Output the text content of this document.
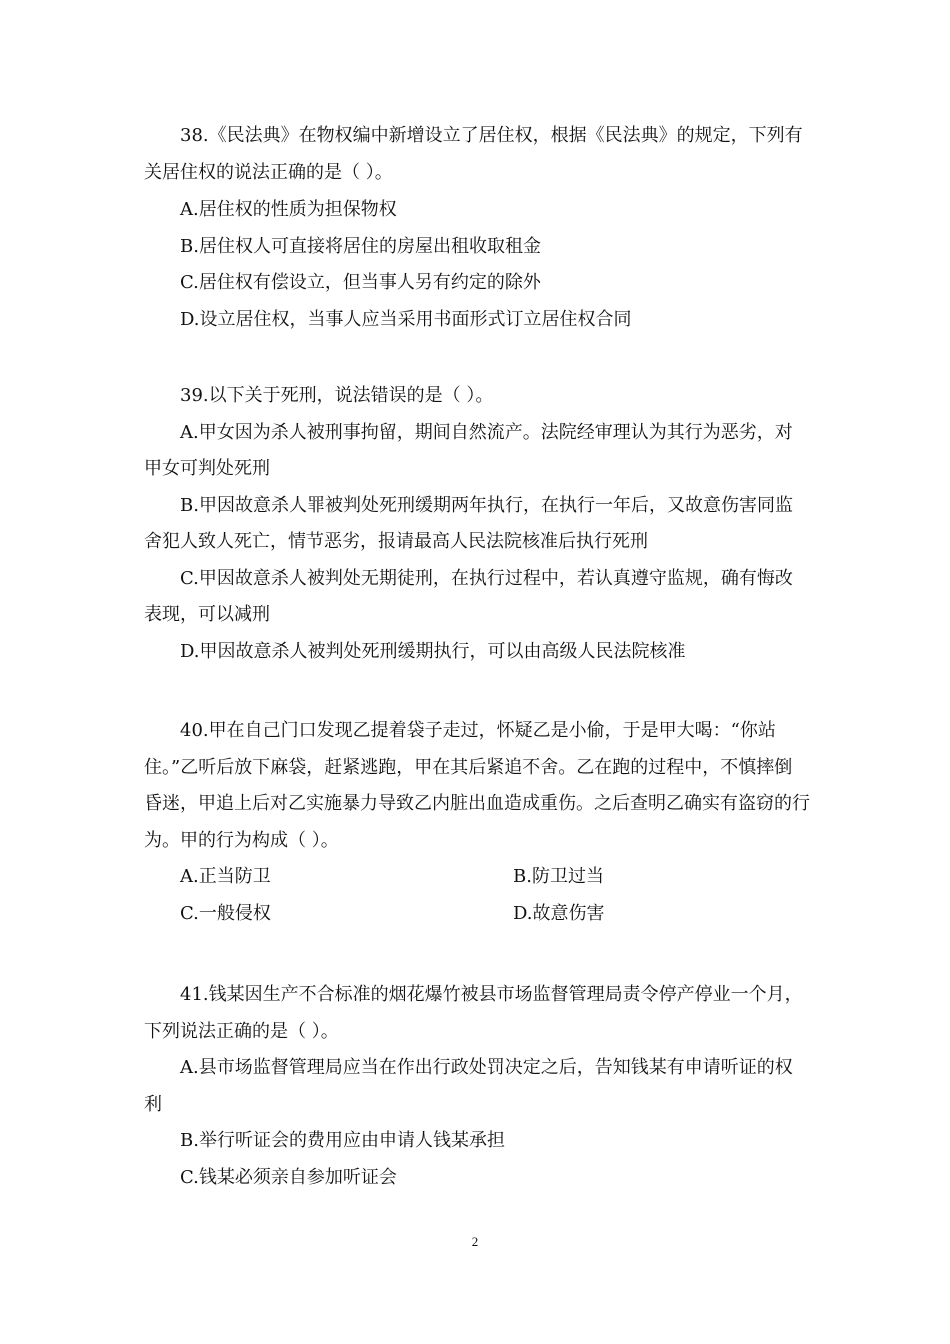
38.《民法典》在物权编中新增设立了居住权，根据《民法典》的规定，下列有关居住权的说法正确的是（ ）。

A.居住权的性质为担保物权

B.居住权人可直接将居住的房屋出租收取租金

C.居住权有偿设立，但当事人另有约定的除外

D.设立居住权，当事人应当采用书面形式订立居住权合同

39.以下关于死刑，说法错误的是（ ）。

A.甲女因为杀人被刑事拘留，期间自然流产。法院经审理认为其行为恶劣，对甲女可判处死刑

B.甲因故意杀人罪被判处死刑缓期两年执行，在执行一年后，又故意伤害同监舍犯人致人死亡，情节恶劣，报请最高人民法院核准后执行死刑

C.甲因故意杀人被判处无期徒刑，在执行过程中，若认真遵守监规，确有悔改表现，可以减刑

D.甲因故意杀人被判处死刑缓期执行，可以由高级人民法院核准

40.甲在自己门口发现乙提着袋子走过，怀疑乙是小偷，于是甲大喝：“你站住。”乙听后放下麻袋，赶紧逃跑，甲在其后紧追不舍。乙在跑的过程中，不慎摔倒昏迷，甲追上后对乙实施暴力导致乙内脏出血造成重伤。之后查明乙确实有盗窃的行为。甲的行为构成（ ）。

A.正当防卫	B.防卫过当
C.一般侵权	D.故意伤害

41.钱某因生产不合标准的烟花爆竹被县市场监督管理局责令停产停业一个月，下列说法正确的是（ ）。

A.县市场监督管理局应当在作出行政处罚决定之后，告知钱某有申请听证的权利

B.举行听证会的费用应由申请人钱某承担

C.钱某必须亲自参加听证会

2
